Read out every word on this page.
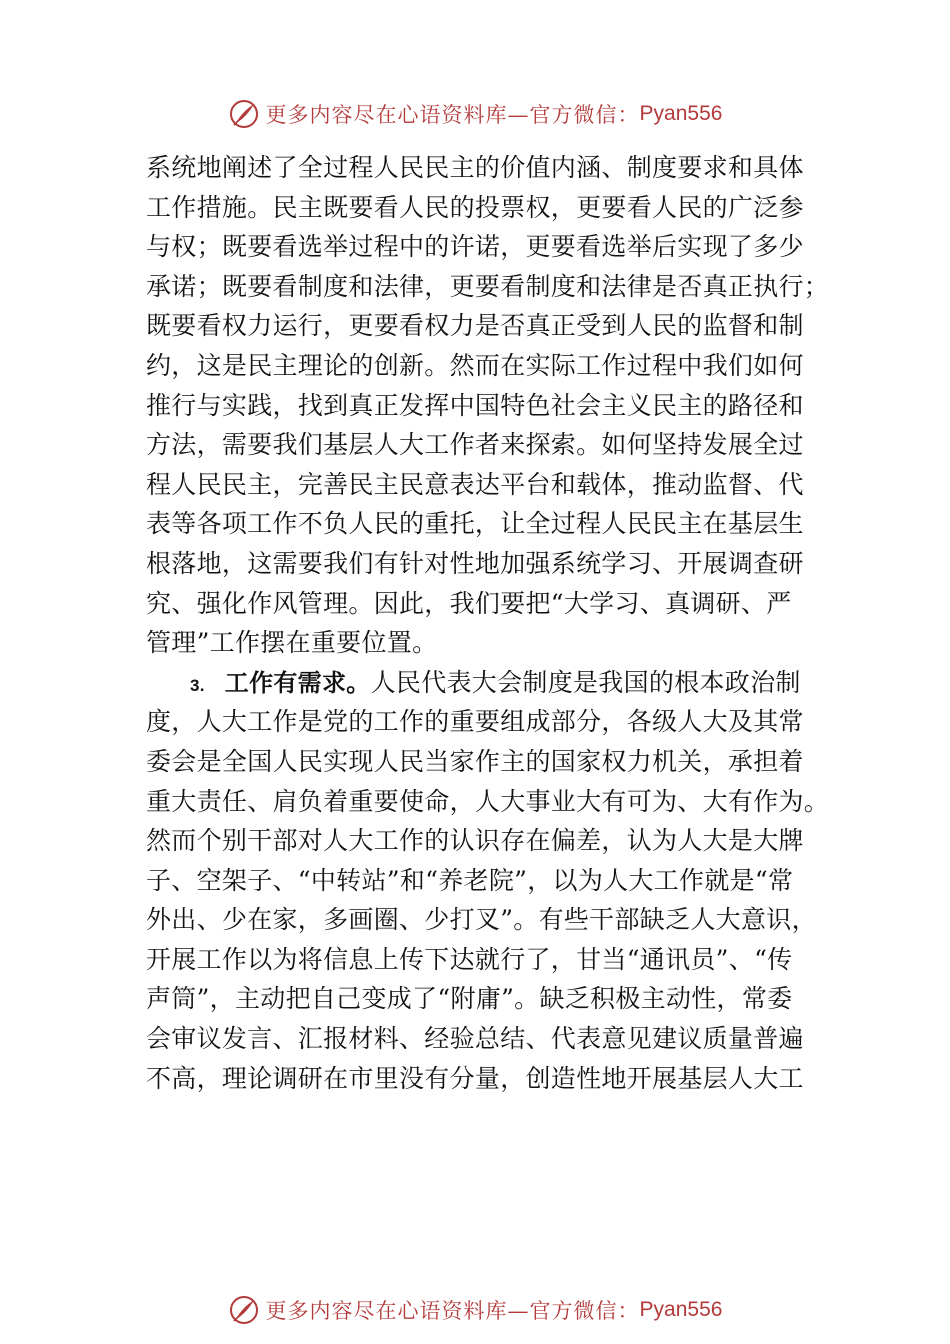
更多内容尽在心语资料库—官方微信： Pyan556
系统地阐述了全过程人民民主的价值内涵、制度要求和具体
工作措施。民主既要看人民的投票权，更要看人民的广泛参
与权；既要看选举过程中的许诺，更要看选举后实现了多少
承诺；既要看制度和法律，更要看制度和法律是否真正执行；
既要看权力运行，更要看权力是否真正受到人民的监督和制
约，这是民主理论的创新。然而在实际工作过程中我们如何
推行与实践，找到真正发挥中国特色社会主义民主的路径和
方法，需要我们基层人大工作者来探索。如何坚持发展全过
程人民民主，完善民主民意表达平台和载体，推动监督、代
表等各项工作不负人民的重托，让全过程人民民主在基层生
根落地，这需要我们有针对性地加强系统学习、开展调查研
究、强化作风管理。因此，我们要把“大学习、真调研、严
管理”工作摆在重要位置。
3. 工作有需求。人民代表大会制度是我国的根本政治制
度，人大工作是党的工作的重要组成部分，各级人大及其常
委会是全国人民实现人民当家作主的国家权力机关，承担着
重大责任、肩负着重要使命，人大事业大有可为、大有作为。
然而个别干部对人大工作的认识存在偏差，认为人大是大牌
子、空架子、“中转站”和“养老院”，以为人大工作就是“常
外出、少在家，多画圈、少打叉”。有些干部缺乏人大意识，
开展工作以为将信息上传下达就行了，甘当“通讯员”、“传
声筒”，主动把自己变成了“附庸”。缺乏积极主动性，常委
会审议发言、汇报材料、经验总结、代表意见建议质量普遍
不高，理论调研在市里没有分量，创造性地开展基层人大工
更多内容尽在心语资料库—官方微信： Pyan556
